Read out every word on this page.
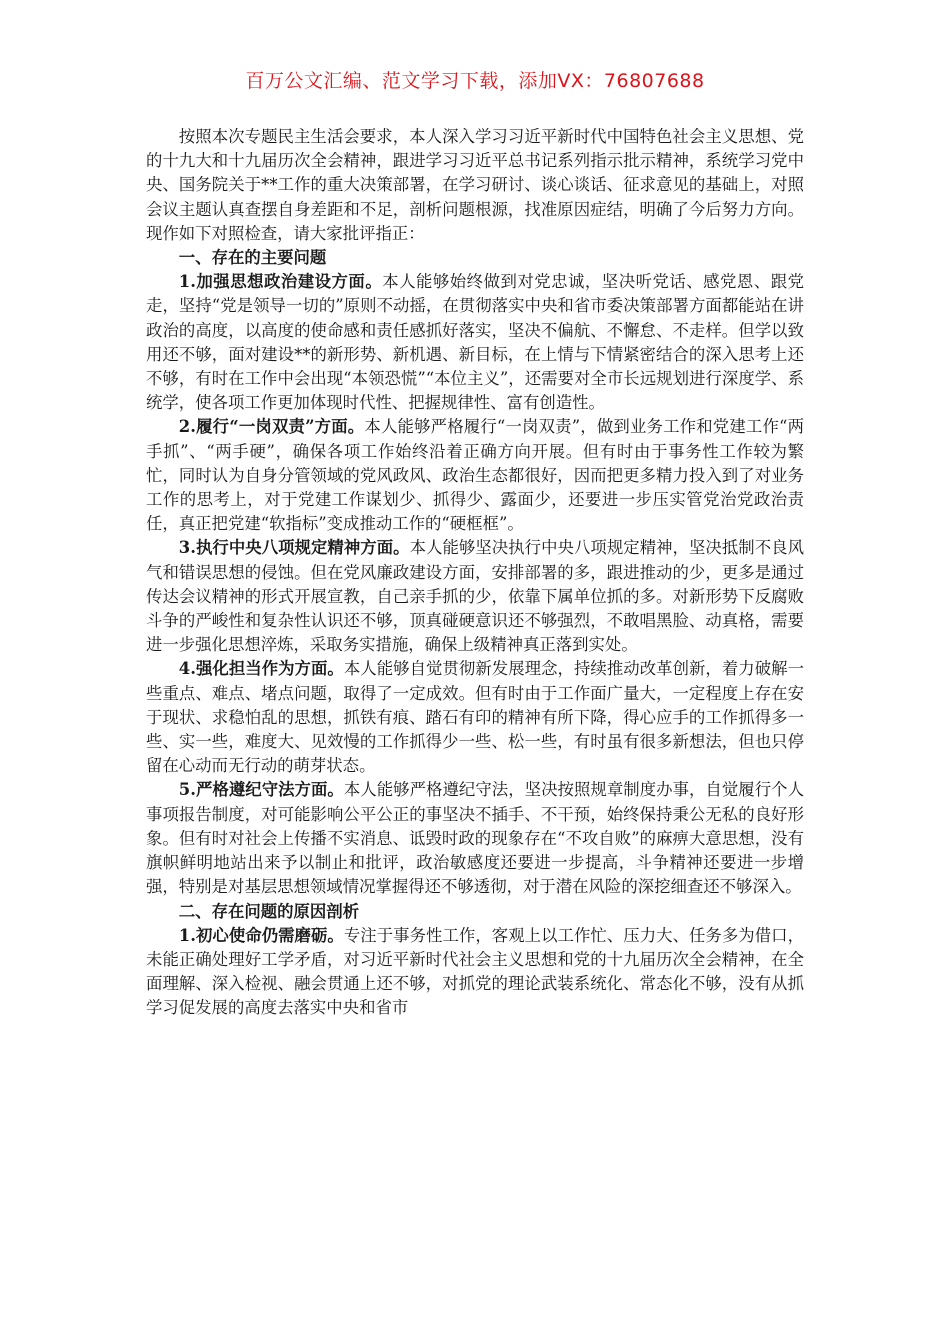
百万公文汇编、范文学习下载，添加VX：76807688

按照本次专题民主生活会要求，本人深入学习习近平新时代中国特色社会主义思想、党的十九大和十九届历次全会精神，跟进学习习近平总书记系列指示批示精神，系统学习党中央、国务院关于**工作的重大决策部署，在学习研讨、谈心谈话、征求意见的基础上，对照会议主题认真查摆自身差距和不足，剖析问题根源，找准原因症结，明确了今后努力方向。现作如下对照检查，请大家批评指正：

一、存在的主要问题

1.加强思想政治建设方面。本人能够始终做到对党忠诚，坚决听党话、感党恩、跟党走，坚持“党是领导一切的”原则不动摇，在贯彻落实中央和省市委决策部署方面都能站在讲政治的高度，以高度的使命感和责任感抓好落实，坚决不偏航、不懈怠、不走样。但学以致用还不够，面对建设**的新形势、新机遇、新目标，在上情与下情紧密结合的深入思考上还不够，有时在工作中会出现“本领恐慌”“本位主义”，还需要对全市长远规划进行深度学、系统学，使各项工作更加体现时代性、把握规律性、富有创造性。

2.履行“一岗双责”方面。本人能够严格履行“一岗双责”，做到业务工作和党建工作“两手抓”、“两手硬”，确保各项工作始终沿着正确方向开展。但有时由于事务性工作较为繁忙，同时认为自身分管领域的党风政风、政治生态都很好，因而把更多精力投入到了对业务工作的思考上，对于党建工作谋划少、抓得少、露面少，还要进一步压实管党治党政治责任，真正把党建“软指标”变成推动工作的“硬框框”。

3.执行中央八项规定精神方面。本人能够坚决执行中央八项规定精神，坚决抵制不良风气和错误思想的侵蚀。但在党风廉政建设方面，安排部署的多，跟进推动的少，更多是通过传达会议精神的形式开展宣教，自己亲手抓的少，依靠下属单位抓的多。对新形势下反腐败斗争的严峻性和复杂性认识还不够，顶真碰硬意识还不够强烈，不敢唱黑脸、动真格，需要进一步强化思想淬炼，采取务实措施，确保上级精神真正落到实处。

4.强化担当作为方面。本人能够自觉贯彻新发展理念，持续推动改革创新，着力破解一些重点、难点、堵点问题，取得了一定成效。但有时由于工作面广量大，一定程度上存在安于现状、求稳怕乱的思想，抓铁有痕、踏石有印的精神有所下降，得心应手的工作抓得多一些、实一些，难度大、见效慢的工作抓得少一些、松一些，有时虽有很多新想法，但也只停留在心动而无行动的萌芽状态。

5.严格遵纪守法方面。本人能够严格遵纪守法，坚决按照规章制度办事，自觉履行个人事项报告制度，对可能影响公平公正的事坚决不插手、不干预，始终保持秉公无私的良好形象。但有时对社会上传播不实消息、诋毁时政的现象存在“不攻自败”的麻痹大意思想，没有旗帜鲜明地站出来予以制止和批评，政治敏感度还要进一步提高，斗争精神还要进一步增强，特别是对基层思想领域情况掌握得还不够透彻，对于潜在风险的深挖细查还不够深入。

二、存在问题的原因剖析

1.初心使命仍需磨砺。专注于事务性工作，客观上以工作忙、压力大、任务多为借口，未能正确处理好工学矛盾，对习近平新时代社会主义思想和党的十九届历次全会精神，在全面理解、深入检视、融会贯通上还不够，对抓党的理论武装系统化、常态化不够，没有从抓学习促发展的高度去落实中央和省市
